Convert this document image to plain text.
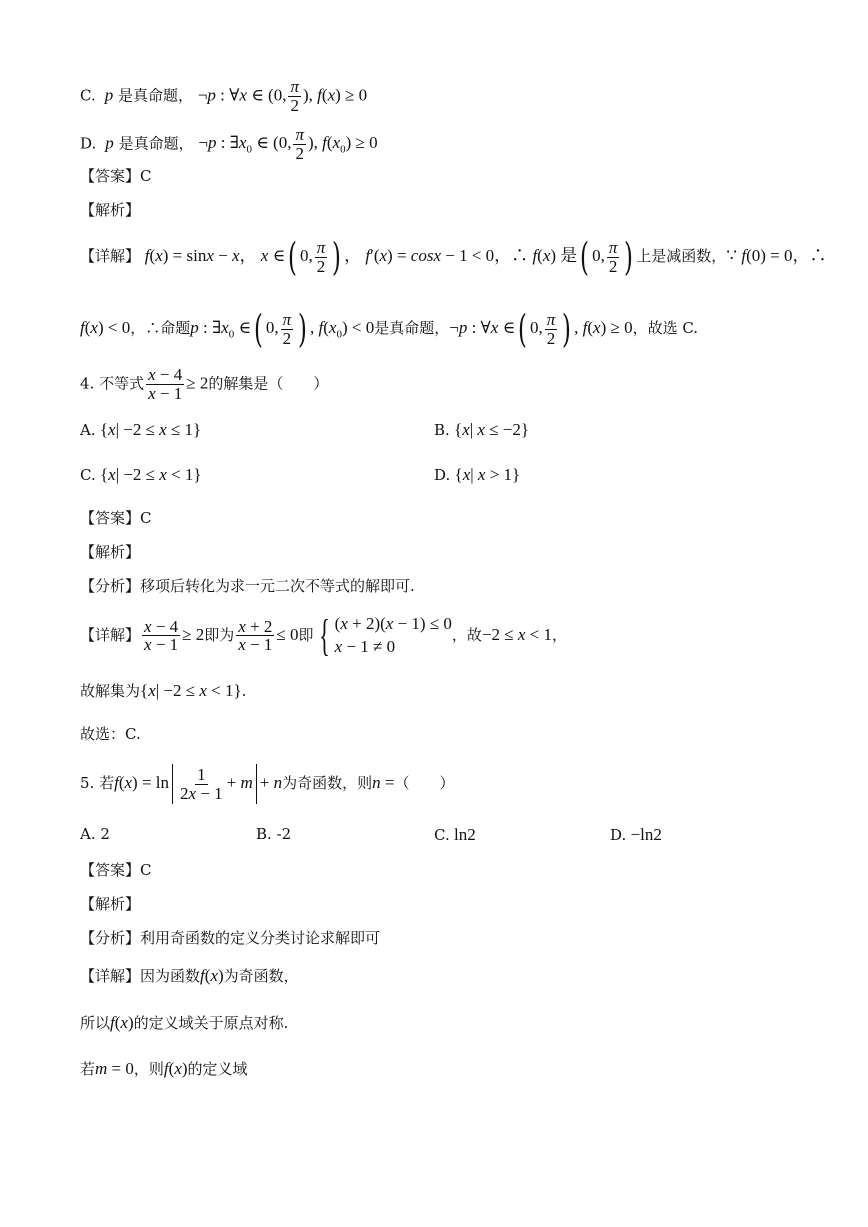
C.  p 是真命题， ¬p : ∀x ∈ (0, $\frac{\pi}{2}$ ), f(x) ≥ 0
D.  p 是真命题， ¬p : $\exists x_0$ ∈ (0, $\frac{\pi}{2}$ ), $f(x_0) \ge 0$
【答案】C
【解析】
【详解】 f(x) = sinx − x， x ∈( 0, $\frac{\pi}{2}$ ) ， f′(x) = cosx − 1 < 0，∴ f(x) 是( 0, $\frac{\pi}{2}$ ) 上是减函数，∵ f(0) = 0，∴
f(x) < 0，∴命题p : $\exists x_0$ ∈( 0, $\frac{\pi}{2}$ ) , $f(x_0) < 0$是真命题，¬p : ∀x ∈( 0, $\frac{\pi}{2}$ ) , f(x) ≥ 0，故选 C.
4. 不等式 $\frac{x - 4}{x - 1} \ge 2$的解集是（　　）
A. {x| −2 ≤ x ≤ 1}	B. {x| x ≤ −2}
C. {x| −2 ≤ x < 1}	D. {x| x > 1}
【答案】C
【解析】
【分析】移项后转化为求一元二次不等式的解即可.
【详解】 $\frac{x - 4}{x - 1} \ge 2$即为 $\frac{x + 2}{x - 1} \le 0$即 { (x + 2)(x − 1) ≤ 0
x − 1 ≠ 0
，故−2 ≤ x < 1，
故解集为{x| −2 ≤ x < 1}.
故选：C.
5. 若$f(x) = \ln \frac{1}{2x - 1} + m + n$为奇函数，则n =（　　）
A. 2	B. -2	C. ln2	D. −ln2
【答案】C
【解析】
【分析】利用奇函数的定义分类讨论求解即可
【详解】因为函数f(x)为奇函数，
所以f(x)的定义域关于原点对称.
若m = 0，则f(x)的定义域
